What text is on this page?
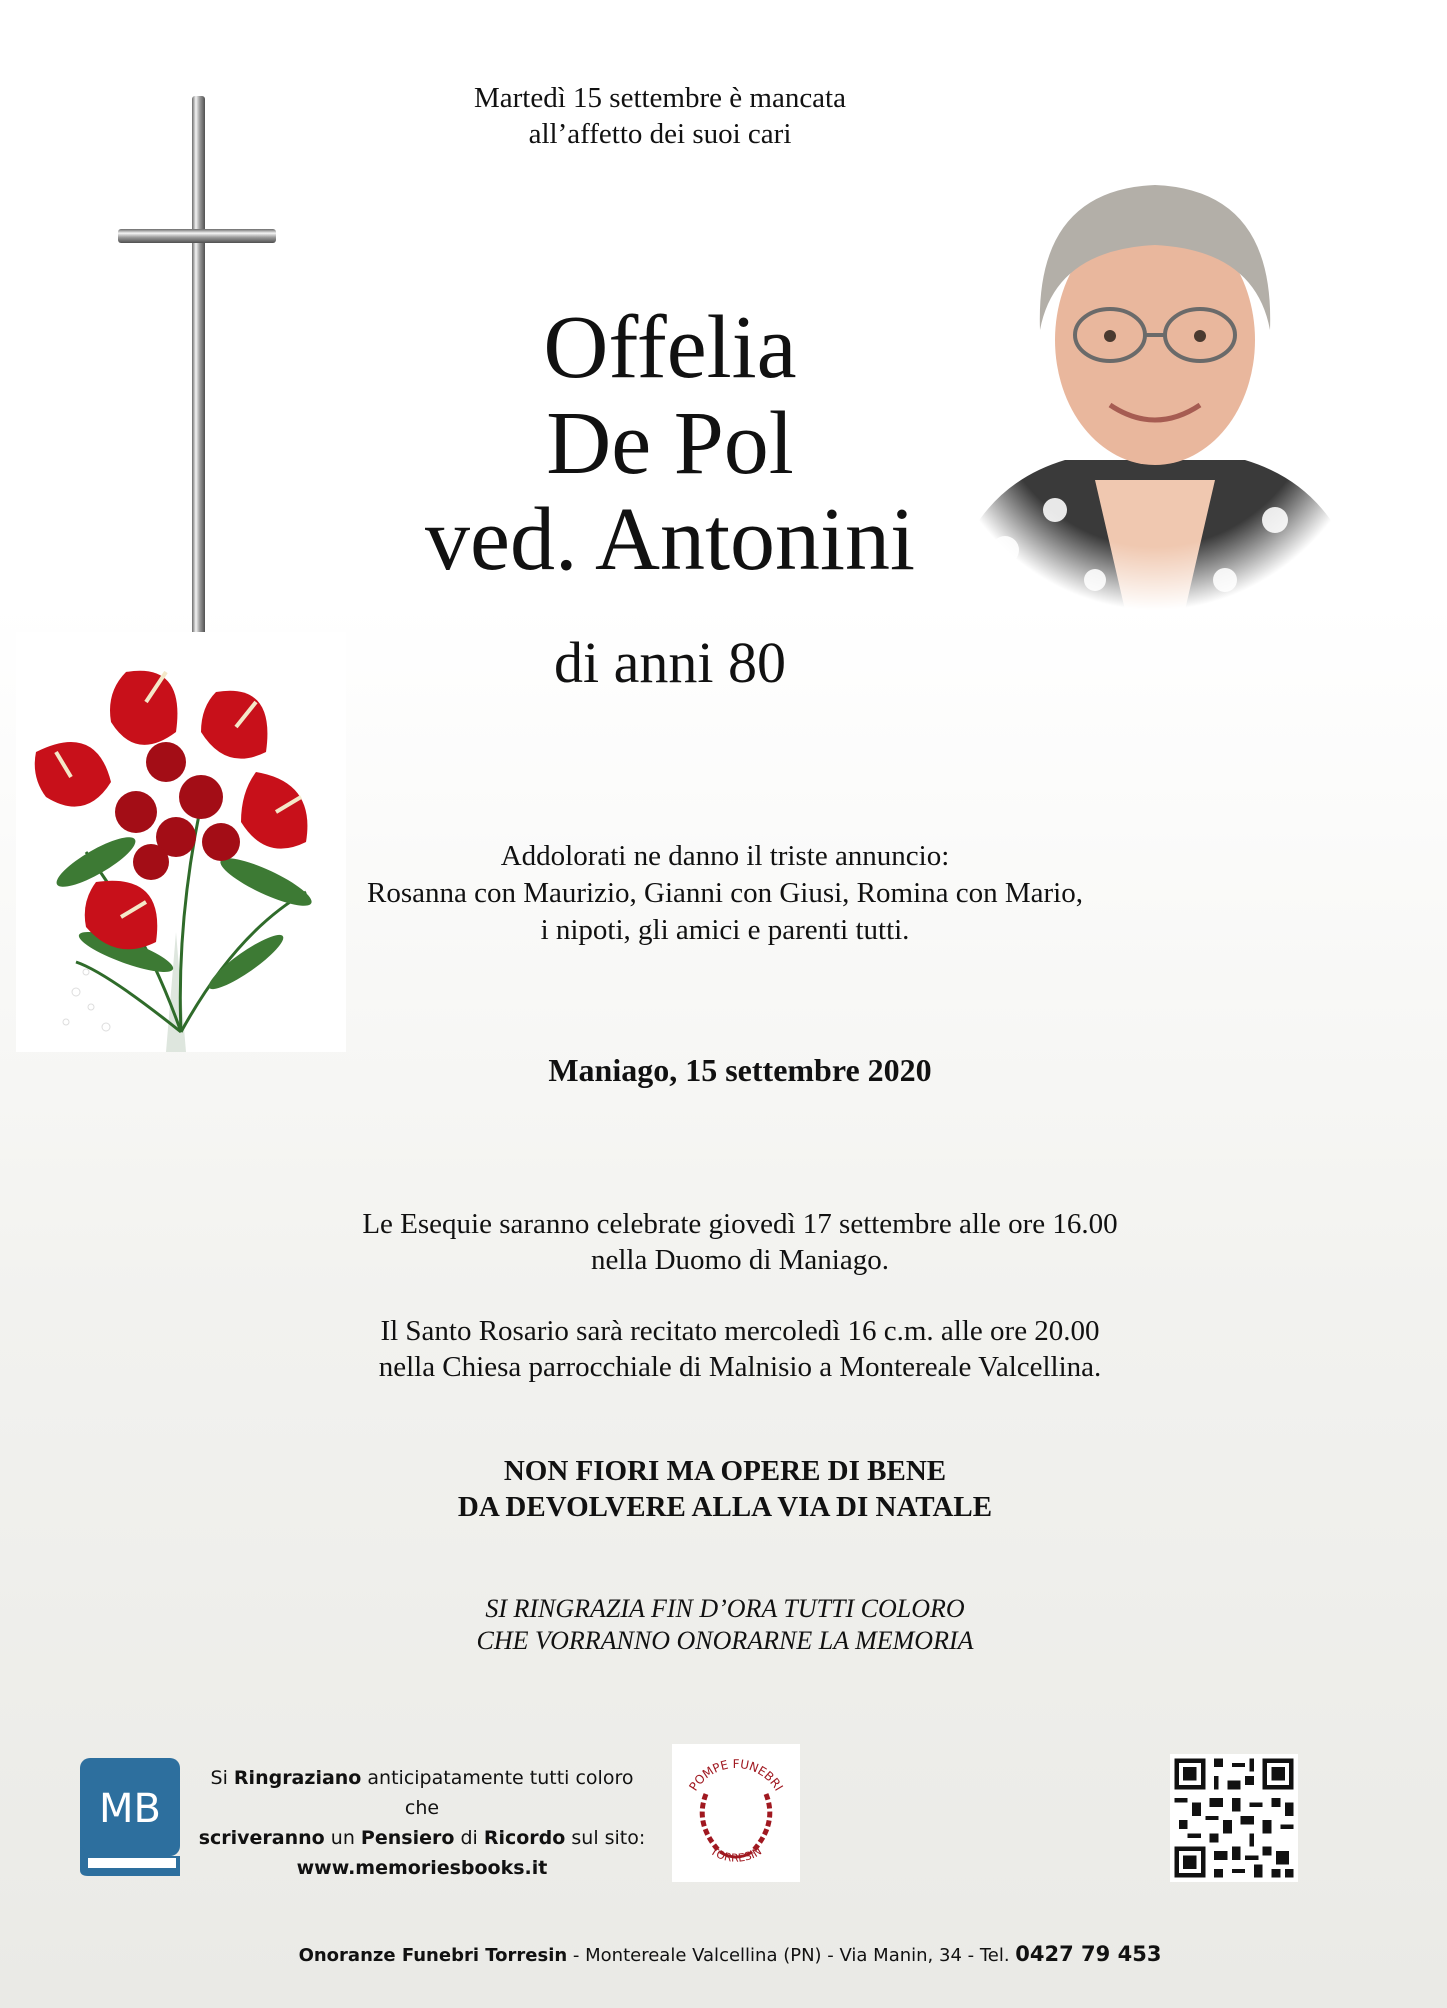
Martedì 15 settembre è mancata
all’affetto dei suoi cari
Offelia
De Pol
ved. Antonini
di anni 80
Addolorati ne danno il triste annuncio:
Rosanna con Maurizio, Gianni con Giusi, Romina con Mario,
i nipoti, gli amici e parenti tutti.
Maniago, 15 settembre 2020
Le Esequie saranno celebrate giovedì 17 settembre alle ore 16.00
nella Duomo di Maniago.
Il Santo Rosario sarà recitato mercoledì 16 c.m. alle ore 20.00
nella Chiesa parrocchiale di Malnisio a Montereale Valcellina.
NON FIORI MA OPERE DI BENE
DA DEVOLVERE ALLA VIA DI NATALE
SI RINGRAZIA FIN D’ORA TUTTI COLORO
CHE VORRANNO ONORARNE LA MEMORIA
MB
Si Ringraziano anticipatamente tutti coloro che
scriveranno un Pensiero di Ricordo sul sito:
www.memoriesbooks.it
POMPE FUNEBRI
TORRESIN
Onoranze Funebri Torresin - Montereale Valcellina (PN) - Via Manin, 34 - Tel. 0427 79 453
